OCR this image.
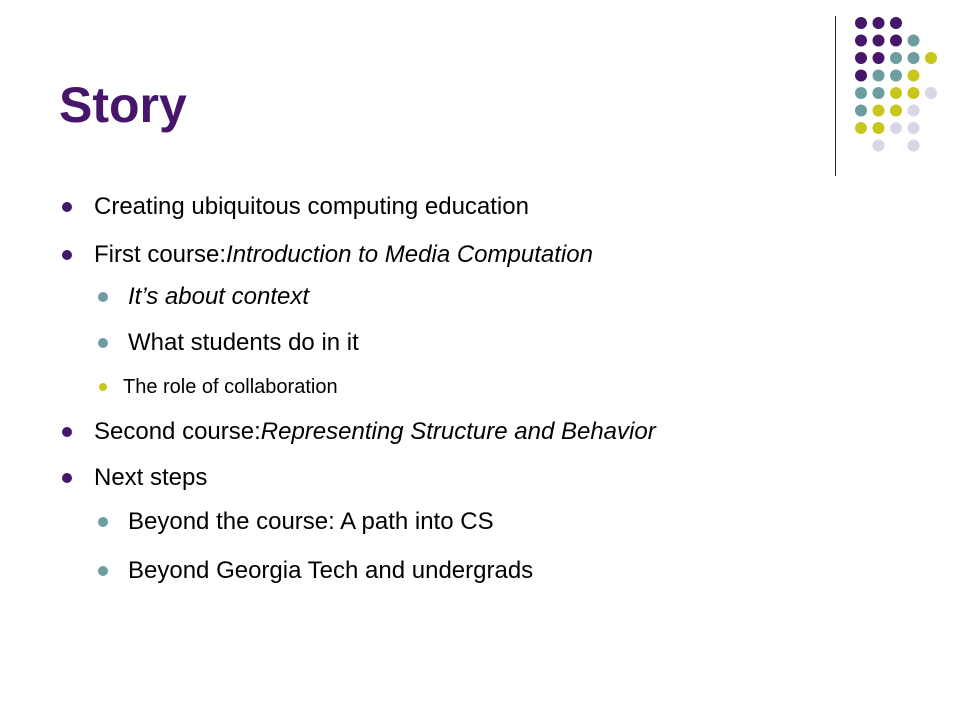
Story
Creating ubiquitous computing education
First course: Introduction to Media Computation
It’s about context
What students do in it
The role of collaboration
Second course: Representing Structure and Behavior
Next steps
Beyond the course: A path into CS
Beyond Georgia Tech and undergrads
